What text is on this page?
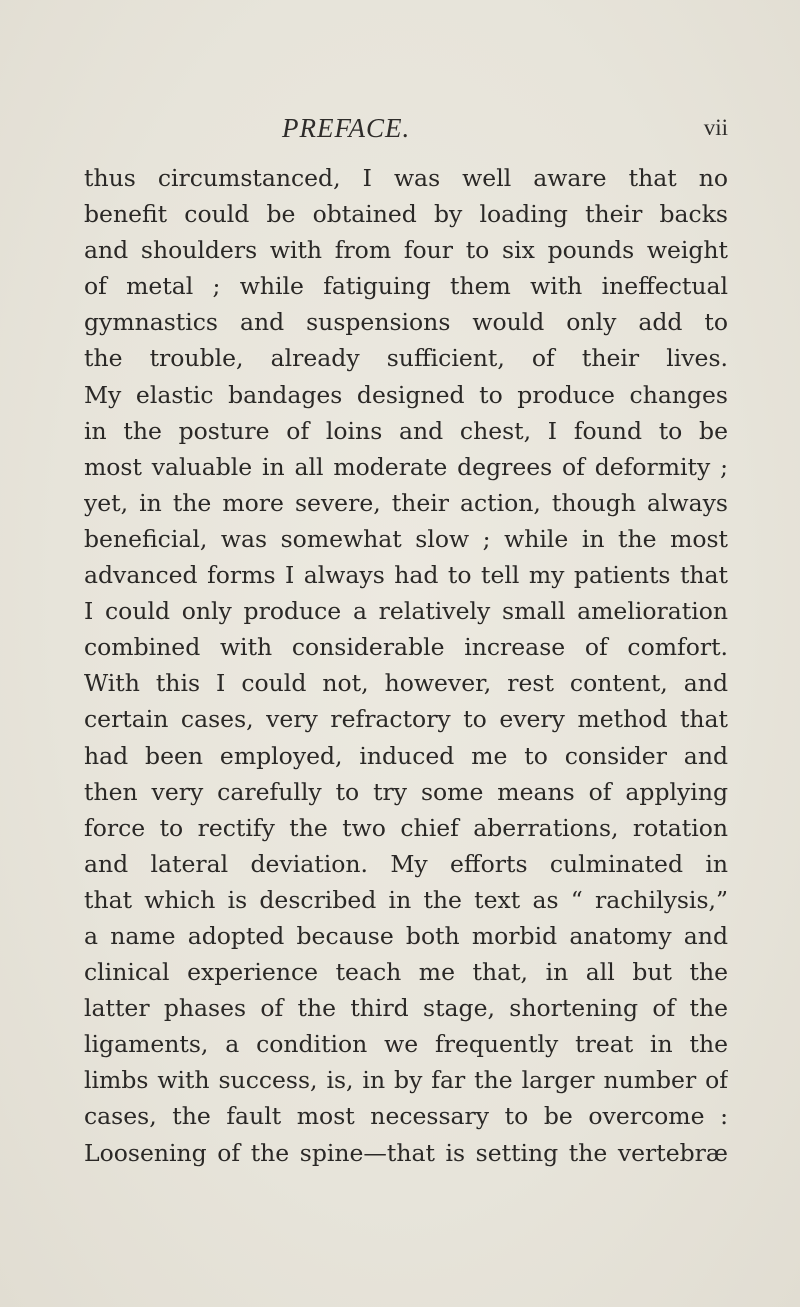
PREFACE.	vii
thus circumstanced, I was well aware that no
benefit could be obtained by loading their backs
and shoulders with from four to six pounds weight
of metal ; while fatiguing them with ineffectual
gymnastics and suspensions would only add to
the trouble, already sufficient, of their lives.
My elastic bandages designed to produce changes
in the posture of loins and chest, I found to be
most valuable in all moderate degrees of deformity ;
yet, in the more severe, their action, though always
beneficial, was somewhat slow ; while in the most
advanced forms I always had to tell my patients that
I could only produce a relatively small amelioration
combined with considerable increase of comfort.
With this I could not, however, rest content, and
certain cases, very refractory to every method that
had been employed, induced me to consider and
then very carefully to try some means of applying
force to rectify the two chief aberrations, rotation
and lateral deviation. My efforts culminated in
that which is described in the text as “ rachilysis,”
a name adopted because both morbid anatomy and
clinical experience teach me that, in all but the
latter phases of the third stage, shortening of the
ligaments, a condition we frequently treat in the
limbs with success, is, in by far the larger number of
cases, the fault most necessary to be overcome :
Loosening of the spine—that is setting the vertebræ
